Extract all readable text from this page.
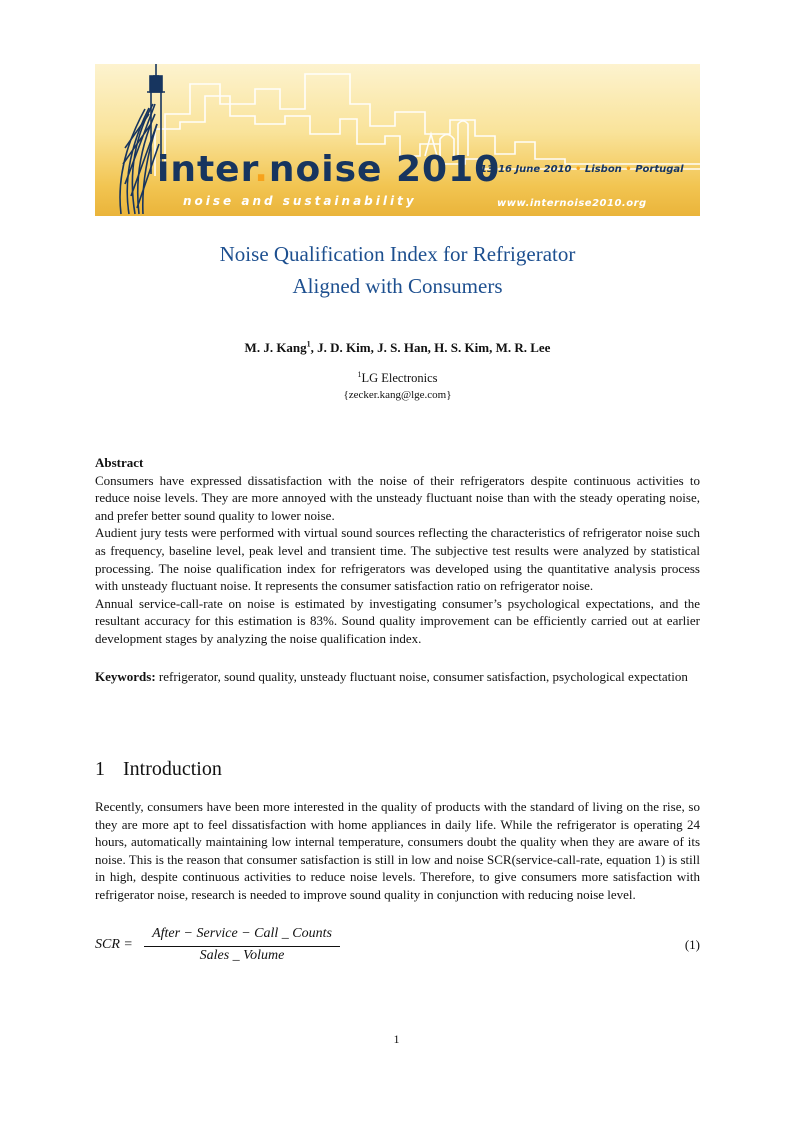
inter.noise 2010
noise and sustainability
13-16 June 2010 • Lisbon • Portugal
www.internoise2010.org
Noise Qualification Index for Refrigerator
Aligned with Consumers
M. J. Kang$^1$, J. D. Kim, J. S. Han, H. S. Kim, M. R. Lee
$^1$LG Electronics
{zecker.kang@lge.com}

Abstract

Consumers have expressed dissatisfaction with the noise of their refrigerators despite continuous activities to reduce noise levels. They are more annoyed with the unsteady fluctuant noise than with the steady operating noise, and prefer better sound quality to lower noise.

Audient jury tests were performed with virtual sound sources reflecting the characteristics of refrigerator noise such as frequency, baseline level, peak level and transient time. The subjective test results were analyzed by statistical processing. The noise qualification index for refrigerators was developed using the quantitative analysis process with unsteady fluctuant noise. It represents the consumer satisfaction ratio on refrigerator noise.

Annual service-call-rate on noise is estimated by investigating consumer’s psychological expectations, and the resultant accuracy for this estimation is 83%. Sound quality improvement can be efficiently carried out at earlier development stages by analyzing the noise qualification index.

Keywords: refrigerator, sound quality, unsteady fluctuant noise, consumer satisfaction, psychological expectation

1 Introduction

Recently, consumers have been more interested in the quality of products with the standard of living on the rise, so they are more apt to feel dissatisfaction with home appliances in daily life. While the refrigerator is operating 24 hours, automatically maintaining low internal temperature, consumers doubt the quality when they are aware of its noise. This is the reason that consumer satisfaction is still in low and noise SCR(service-call-rate, equation 1) is still in high, despite continuous activities to reduce noise levels. Therefore, to give consumers more satisfaction with refrigerator noise, research is needed to improve sound quality in conjunction with reducing noise level.

SCR =
After − Service − Call _ Counts
Sales _ Volume
(1)
1
